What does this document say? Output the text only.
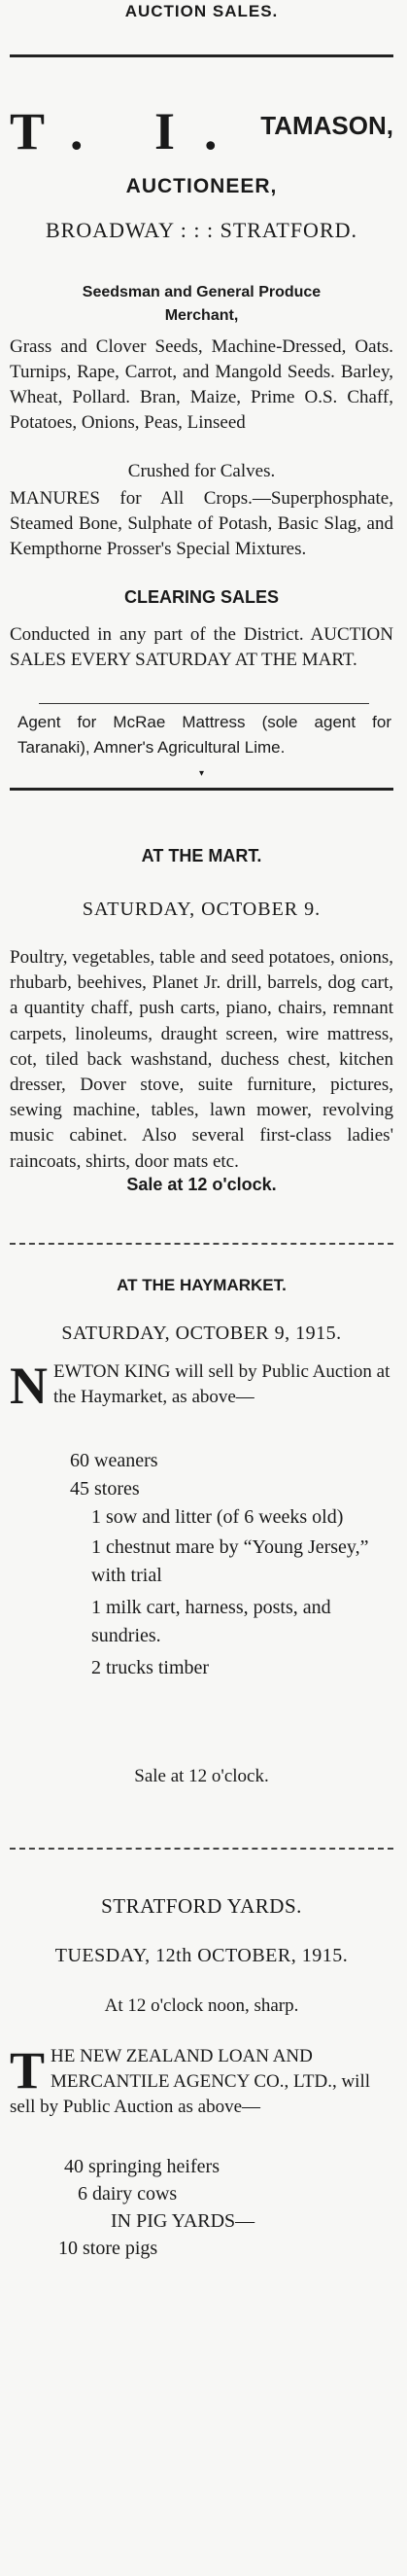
AUCTION SALES.
T. I. TAMASON,
AUCTIONEER,
BROADWAY : : : STRATFORD.
Seedsman and General Produce
Merchant,

Grass and Clover Seeds, Machine-Dressed, Oats. Turnips, Rape, Carrot, and Mangold Seeds. Barley, Wheat, Pollard. Bran, Maize, Prime O.S. Chaff, Potatoes, Onions, Peas, Linseed

Crushed for Calves.

MANURES for All Crops.—Superphosphate, Steamed Bone, Sulphate of Potash, Basic Slag, and Kempthorne Prosser's Special Mixtures.

CLEARING SALES

Conducted in any part of the District. AUCTION SALES EVERY SATURDAY AT THE MART.

Agent for McRae Mattress (sole agent for Taranaki), Amner's Agricultural Lime.

▾
AT THE MART.
SATURDAY, OCTOBER 9.

Poultry, vegetables, table and seed potatoes, onions, rhubarb, beehives, Planet Jr. drill, barrels, dog cart, a quantity chaff, push carts, piano, chairs, remnant carpets, linoleums, draught screen, wire mattress, cot, tiled back washstand, duchess chest, kitchen dresser, Dover stove, suite furniture, pictures, sewing machine, tables, lawn mower, revolving music cabinet. Also several first-class ladies' raincoats, shirts, door mats etc.

Sale at 12 o'clock.
AT THE HAYMARKET.
SATURDAY, OCTOBER 9, 1915.
N EWTON KING will sell by Public Auction at the Haymarket, as above—
60 weaners
45 stores
1 sow and litter (of 6 weeks old)
1 chestnut mare by “Young Jersey,” with trial
1 milk cart, harness, posts, and sundries.
2 trucks timber
Sale at 12 o'clock.
STRATFORD YARDS.
TUESDAY, 12th OCTOBER, 1915.
At 12 o'clock noon, sharp.
T HE NEW ZEALAND LOAN AND MERCANTILE AGENCY CO., LTD., will sell by Public Auction as above—
40 springing heifers
6 dairy cows
IN PIG YARDS—
10 store pigs
